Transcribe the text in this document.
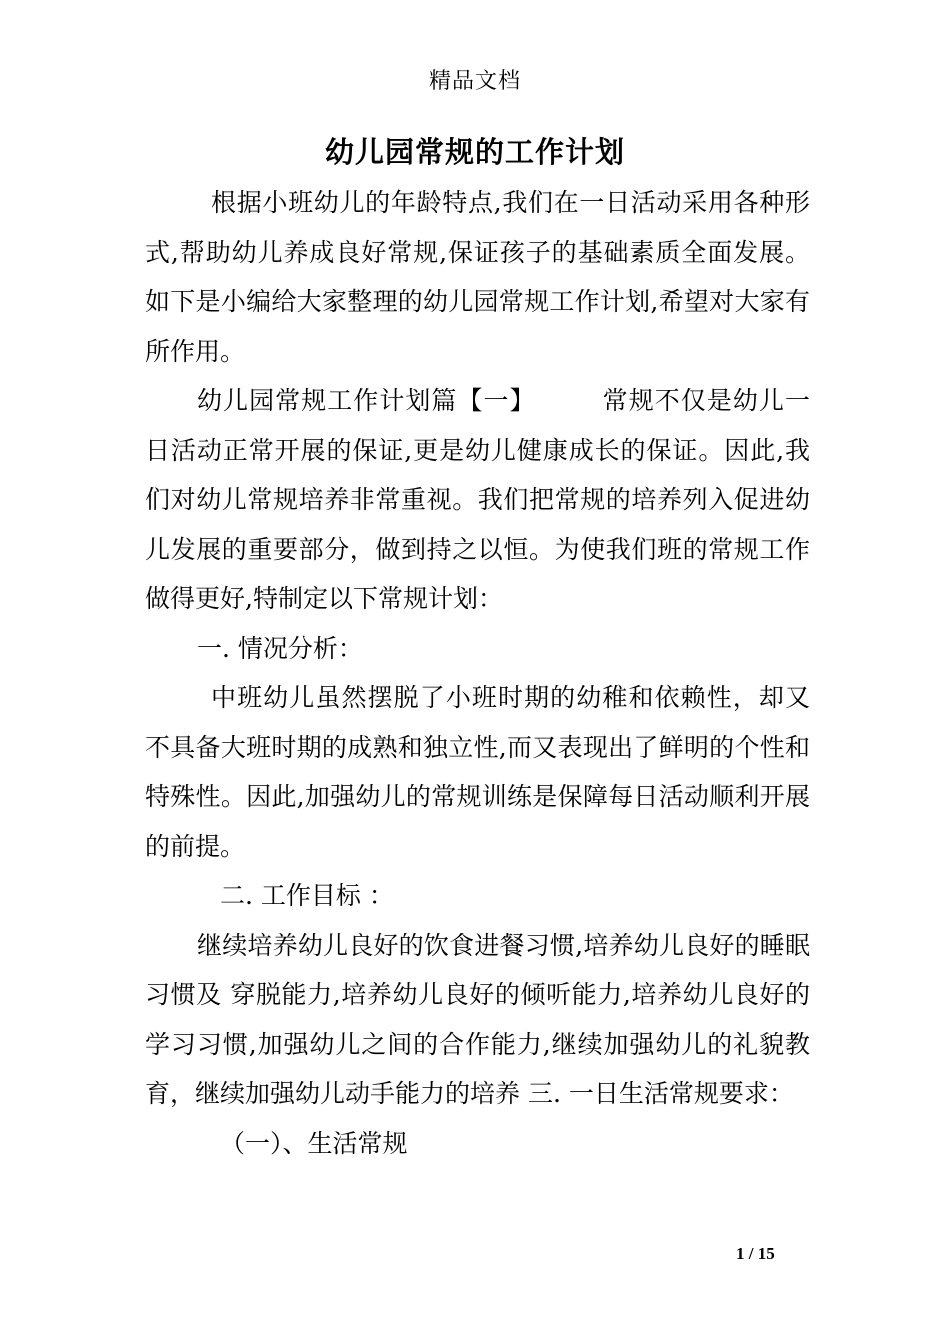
精品文档
幼儿园常规的工作计划

根据小班幼儿的年龄特点,我们在一日活动采用各种形式,帮助幼儿养成良好常规,保证孩子的基础素质全面发展。如下是小编给大家整理的幼儿园常规工作计划,希望对大家有所作用。

幼儿园常规工作计划篇【一】	常规不仅是幼儿一日活动正常开展的保证,更是幼儿健康成长的保证。因此,我们对幼儿常规培养非常重视。我们把常规的培养列入促进幼儿发展的重要部分，做到持之以恒。为使我们班的常规工作做得更好,特制定以下常规计划：

一. 情况分析：

中班幼儿虽然摆脱了小班时期的幼稚和依赖性，却又不具备大班时期的成熟和独立性,而又表现出了鲜明的个性和特殊性。因此,加强幼儿的常规训练是保障每日活动顺利开展的前提。

二. 工作目标 ：

继续培养幼儿良好的饮食进餐习惯,培养幼儿良好的睡眠习惯及 穿脱能力,培养幼儿良好的倾听能力,培养幼儿良好的学习习惯,加强幼儿之间的合作能力,继续加强幼儿的礼貌教育，继续加强幼儿动手能力的培养 三. 一日生活常规要求：

（一）、生活常规

1 / 15
